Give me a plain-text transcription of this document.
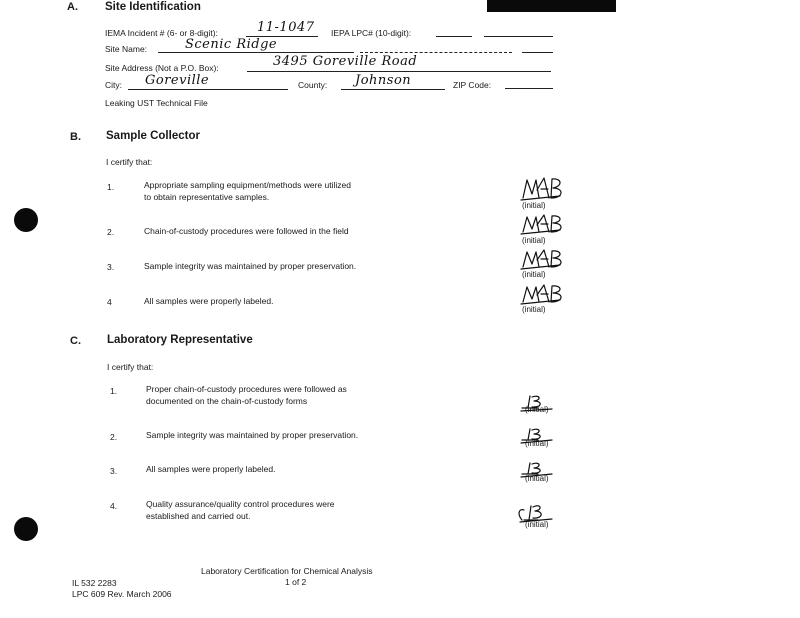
A. Site Identification
IEMA Incident # (6- or 8-digit):	11-1047 IEPA LPC# (10-digit):
Site Name:	Scenic Ridge
Site Address (Not a P.O. Box):	3495 Goreville Road
City: Goreville	County: Johnson	ZIP Code:
Leaking UST Technical File
B. Sample Collector
I certify that:
1.	Appropriate sampling equipment/methods were utilized
to obtain representative samples.
(initial)
2.	Chain-of-custody procedures were followed in the field
(initial)
3.	Sample integrity was maintained by proper preservation.
(initial)
4	All samples were properly labeled.
(initial)
C. Laboratory Representative
I certify that:
1.	Proper chain-of-custody procedures were followed as
documented on the chain-of-custody forms
(initial)
2.	Sample integrity was maintained by proper preservation.
(initial)
3.	All samples were properly labeled.
(initial)
4.	Quality assurance/quality control procedures were
established and carried out.
(initial)
Laboratory Certification for Chemical Analysis
1 of 2
IL 532 2283
LPC 609 Rev. March 2006
